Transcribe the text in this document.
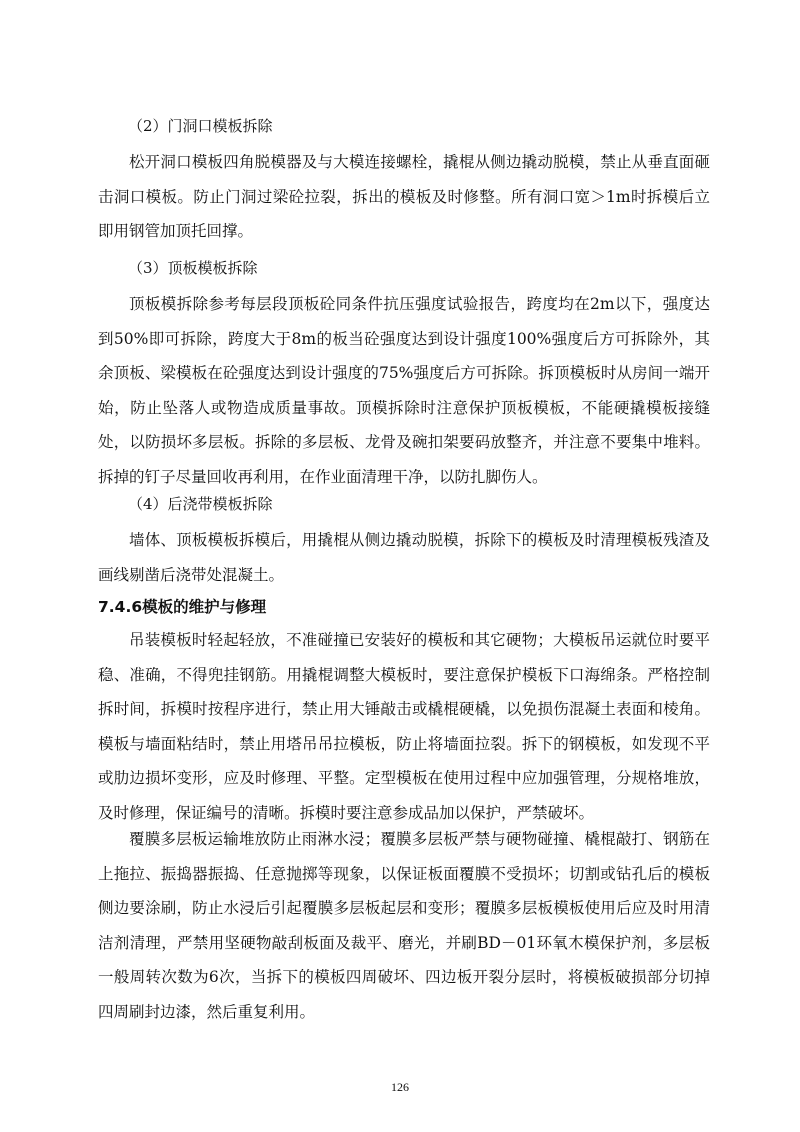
（2）门洞口模板拆除

松开洞口模板四角脱模器及与大模连接螺栓，撬棍从侧边撬动脱模，禁止从垂直面砸击洞口模板。防止门洞过梁砼拉裂，拆出的模板及时修整。所有洞口宽＞1m时拆模后立即用钢管加顶托回撑。

（3）顶板模板拆除

顶板模拆除参考每层段顶板砼同条件抗压强度试验报告，跨度均在2m以下，强度达到50%即可拆除，跨度大于8m的板当砼强度达到设计强度100%强度后方可拆除外，其余顶板、梁模板在砼强度达到设计强度的75%强度后方可拆除。拆顶模板时从房间一端开始，防止坠落人或物造成质量事故。顶模拆除时注意保护顶板模板，不能硬撬模板接缝处，以防损坏多层板。拆除的多层板、龙骨及碗扣架要码放整齐，并注意不要集中堆料。拆掉的钉子尽量回收再利用，在作业面清理干净，以防扎脚伤人。

（4）后浇带模板拆除

墙体、顶板模板拆模后，用撬棍从侧边撬动脱模，拆除下的模板及时清理模板残渣及画线剔凿后浇带处混凝土。

7.4.6模板的维护与修理

吊装模板时轻起轻放，不准碰撞已安装好的模板和其它硬物；大模板吊运就位时要平稳、准确，不得兜挂钢筋。用撬棍调整大模板时，要注意保护模板下口海绵条。严格控制拆时间，拆模时按程序进行，禁止用大锤敲击或橇棍硬橇，以免损伤混凝土表面和棱角。模板与墙面粘结时，禁止用塔吊吊拉模板，防止将墙面拉裂。拆下的钢模板，如发现不平或肋边损坏变形，应及时修理、平整。定型模板在使用过程中应加强管理，分规格堆放，及时修理，保证编号的清晰。拆模时要注意参成品加以保护，严禁破坏。

覆膜多层板运输堆放防止雨淋水浸；覆膜多层板严禁与硬物碰撞、橇棍敲打、钢筋在上拖拉、振捣器振捣、任意抛掷等现象，以保证板面覆膜不受损坏；切割或钻孔后的模板侧边要涂刷，防止水浸后引起覆膜多层板起层和变形；覆膜多层板模板使用后应及时用清洁剂清理，严禁用坚硬物敲刮板面及裁平、磨光，并刷BD－01环氧木模保护剂，多层板一般周转次数为6次，当拆下的模板四周破坏、四边板开裂分层时，将模板破损部分切掉四周刷封边漆，然后重复利用。

126
